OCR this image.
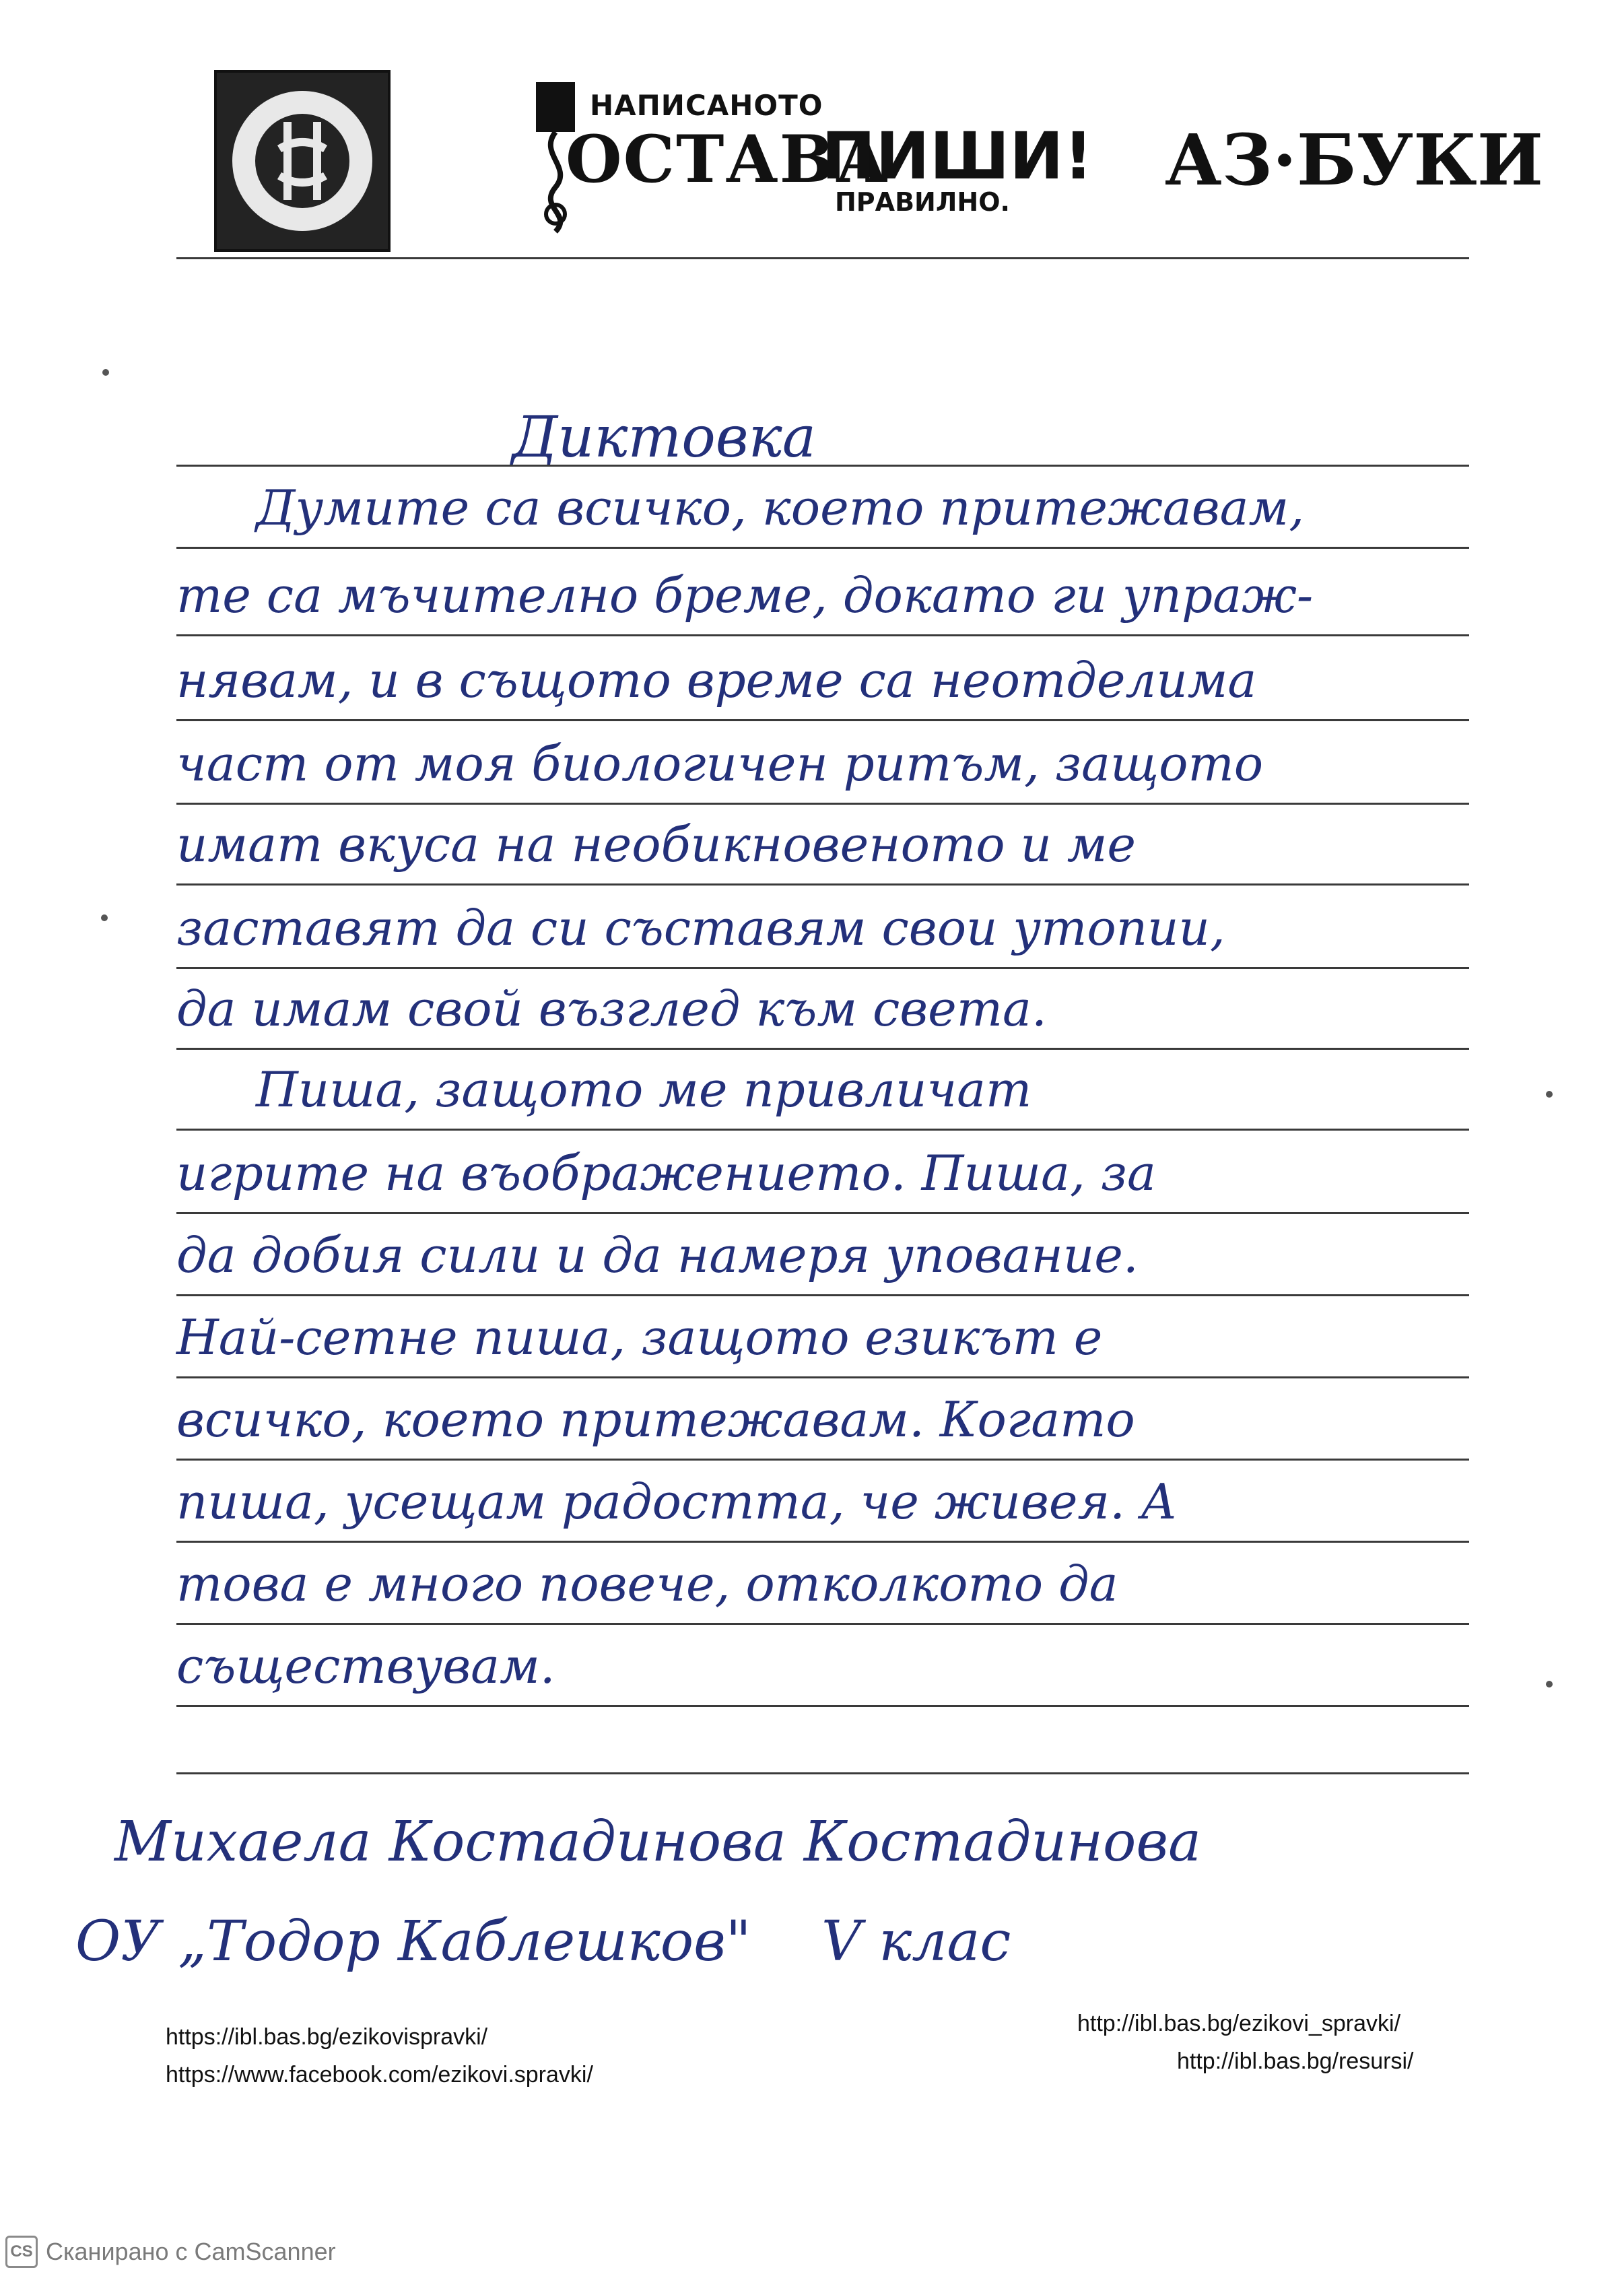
НАПИСАНОТО
ОСТАВА
ПИШИ!
ПРАВИЛНО.
АЗ·БУКИ
Диктовка
Думите са всичко, което притежавам,
те са мъчително бреме, докато ги упраж-
нявам, и в същото време са неотделима
част от моя биологичен ритъм, защото
имат вкуса на необикновеното и ме
заставят да си съставям свои утопии,
да имам свой възглед към света.
Пиша, защото ме привличат
игрите на въображението. Пиша, за
да добия сили и да намеря упование.
Най-сетне пиша, защото езикът е
всичко, което притежавам. Когато
пиша, усещам радостта, че живея. А
това е много повече, отколкото да
съществувам.
Михаела Костадинова Костадинова
ОУ „Тодор Каблешков" V клас
https://ibl.bas.bg/ezikovispravki/
https://www.facebook.com/ezikovi.spravki/
http://ibl.bas.bg/ezikovi_spravki/
http://ibl.bas.bg/resursi/
CS Сканирано с CamScanner
